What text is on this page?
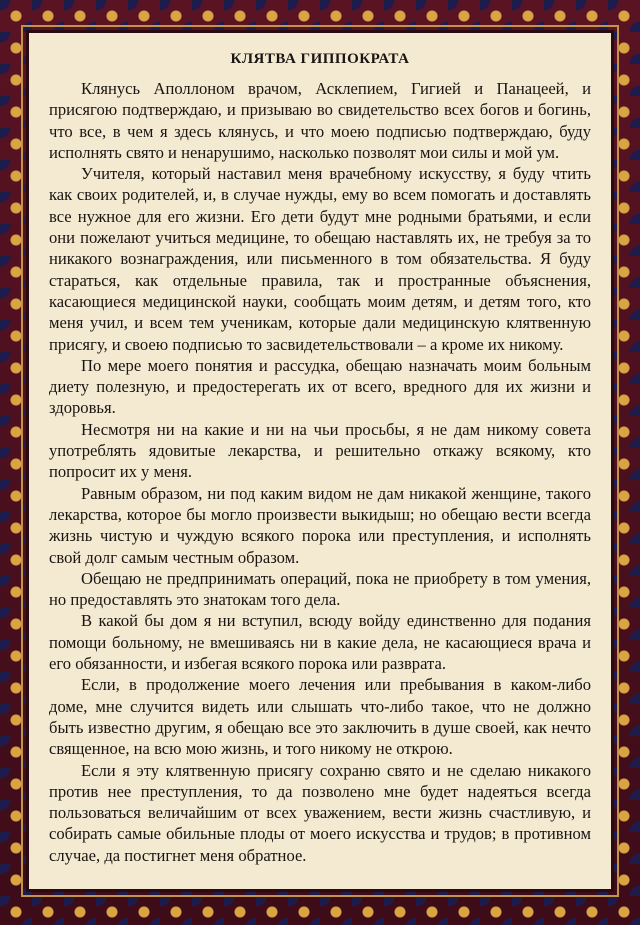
КЛЯТВА ГИППОКРАТА

Клянусь Аполлоном врачом, Асклепием, Гигией и Панацеей, и присягою подтверждаю, и призываю во свидетельство всех богов и богинь, что все, в чем я здесь клянусь, и что моею подписью подтверждаю, буду исполнять свято и ненарушимо, насколько позволят мои силы и мой ум.

Учителя, который наставил меня врачебному искусству, я буду чтить как своих родителей, и, в случае нужды, ему во всем помогать и доставлять все нужное для его жизни. Его дети будут мне родными братьями, и если они пожелают учиться медицине, то обещаю наставлять их, не требуя за то никакого вознаграждения, или письменного в том обязательства. Я буду стараться, как отдельные правила, так и пространные объяснения, касающиеся медицинской науки, сообщать моим детям, и детям того, кто меня учил, и всем тем ученикам, которые дали медицинскую клятвенную присягу, и своею подписью то засвидетельствовали – а кроме их никому.

По мере моего понятия и рассудка, обещаю назначать моим больным диету полезную, и предостерегать их от всего, вредного для их жизни и здоровья.

Несмотря ни на какие и ни на чьи просьбы, я не дам никому совета употреблять ядовитые лекарства, и решительно откажу всякому, кто попросит их у меня.

Равным образом, ни под каким видом не дам никакой женщине, такого лекарства, которое бы могло произвести выкидыш; но обещаю вести всегда жизнь чистую и чуждую всякого порока или преступления, и исполнять свой долг самым честным образом.

Обещаю не предпринимать операций, пока не приобрету в том умения, но предоставлять это знатокам того дела.

В какой бы дом я ни вступил, всюду войду единственно для подания помощи больному, не вмешиваясь ни в какие дела, не касающиеся врача и его обязанности, и избегая всякого порока или разврата.

Если, в продолжение моего лечения или пребывания в каком-либо доме, мне случится видеть или слышать что-либо такое, что не должно быть известно другим, я обещаю все это заключить в душе своей, как нечто священное, на всю мою жизнь, и того никому не открою.

Если я эту клятвенную присягу сохраню свято и не сделаю никакого против нее преступления, то да позволено мне будет надеяться всегда пользоваться величайшим от всех уважением, вести жизнь счастливую, и собирать самые обильные плоды от моего искусства и трудов; в противном случае, да постигнет меня обратное.
